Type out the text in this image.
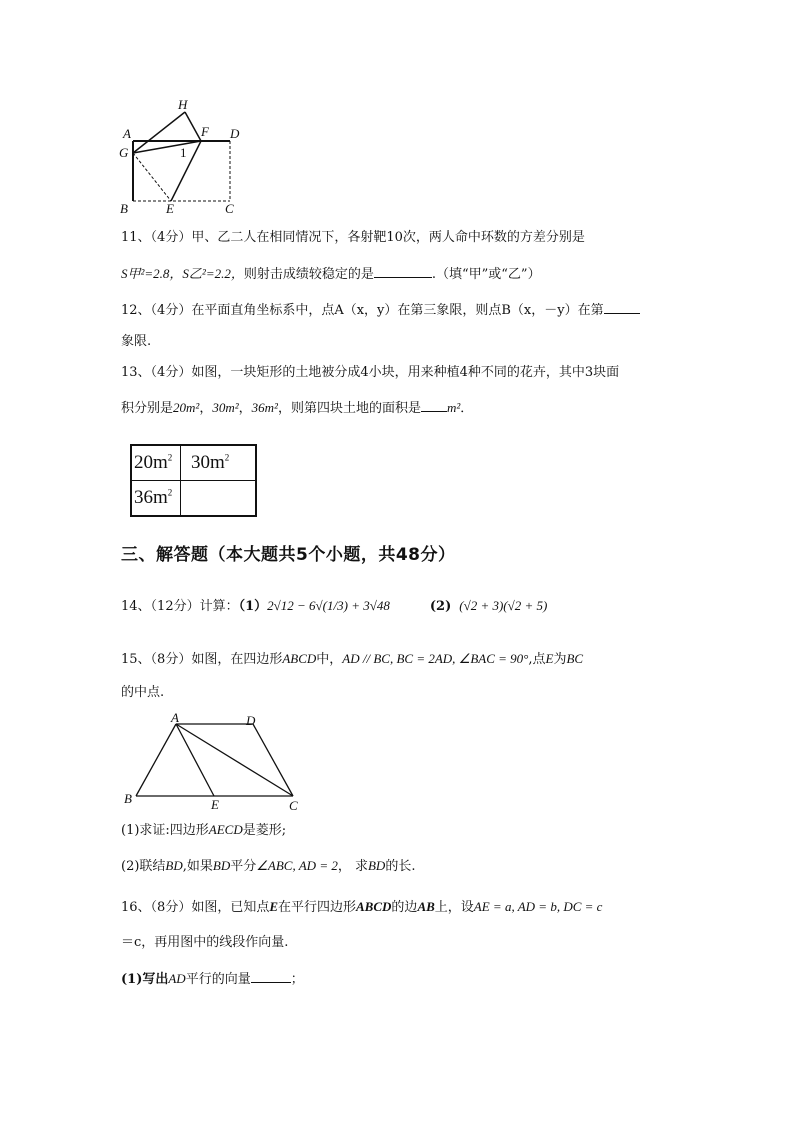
H
A	F D
G	1
B	E	C
11、（4分）甲、乙二人在相同情况下，各射靶10次，两人命中环数的方差分别是
S甲²=2.8，S乙²=2.2，则射击成绩较稳定的是	.（填“甲”或“乙”）
12、（4分）在平面直角坐标系中，点A（x，y）在第三象限，则点B（x，－y）在第
象限.
13、（4分）如图，一块矩形的土地被分成4小块，用来种植4种不同的花卉，其中3块面
积分别是20m²，30m²，36m²，则第四块土地的面积是 m²．
$20m^2$	$30m^2$
$36m^2$	
三、解答题（本大题共5个小题，共48分）
14、（12分）计算：（1）2√12 − 6√(1/3) + 3√48	(2) (√2 + 3)(√2 + 5)
15、（8分）如图，在四边形ABCD中，AD // BC, BC = 2AD, ∠BAC = 90°,点E为BC
的中点.
A	D
B	E	C
(1)求证:四边形AECD是菱形;
(2)联结BD,如果BD平分∠ABC, AD = 2， 求BD的长.
16、（8分）如图，已知点E在平行四边形ABCD的边AB上，设AE = a, AD = b, DC = c
＝c，再用图中的线段作向量.
(1)写出AD平行的向量	；
